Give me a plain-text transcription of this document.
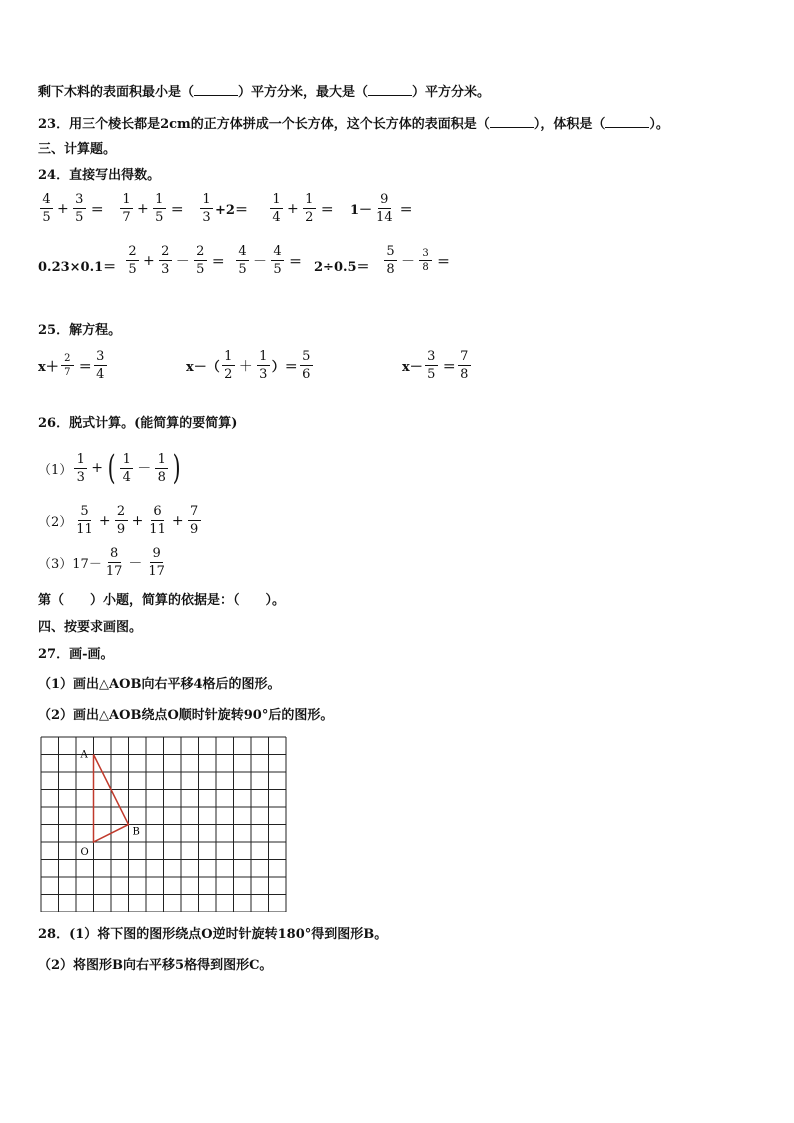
剩下木料的表面积最小是（	）平方分米，最大是（	）平方分米。
23．用三个棱长都是2cm的正方体拼成一个长方体，这个长方体的表面积是（	），体积是（	）。
三、计算题。
24．直接写出得数。
$\frac{4}{5} + \frac{3}{5} = \frac{1}{7} + \frac{1}{5} = \frac{1}{3} +2= \frac{1}{4} + \frac{1}{2} = 1- \frac{9}{14}$ ＝
$0.23\times 0.1= \frac{2}{5} + \frac{2}{3} - \frac{2}{5} = \frac{4}{5} - \frac{4}{5} = 2\div 0.5= \frac{5}{8} - \frac{3}{8}$ ＝
25．解方程。
$x+ \frac{2}{7} = \frac{3}{4}$	$x-( \frac{1}{2} + \frac{1}{3}$ ）＝ $\frac{5}{6}$	$x- \frac{3}{5} = \frac{7}{8}$
26．脱式计算。(能简算的要简算)
$(1) \frac{1}{3}$ + ( $\frac{1}{4} - \frac{1}{8}$ )
$(2) \frac{5}{11} + \frac{2}{9} + \frac{6}{11} + \frac{7}{9}$
（3） $17- \frac{8}{17} - \frac{9}{17}$
第（　　）小题，简算的依据是：（　　）。
四、按要求画图。
27．画-画。
（1）画出△AOB向右平移4格后的图形。
（2）画出△AOB绕点O顺时针旋转90°后的图形。
A
B
O
28．(1）将下图的图形绕点O逆时针旋转180°得到图形B。
（2）将图形B向右平移5格得到图形C。
